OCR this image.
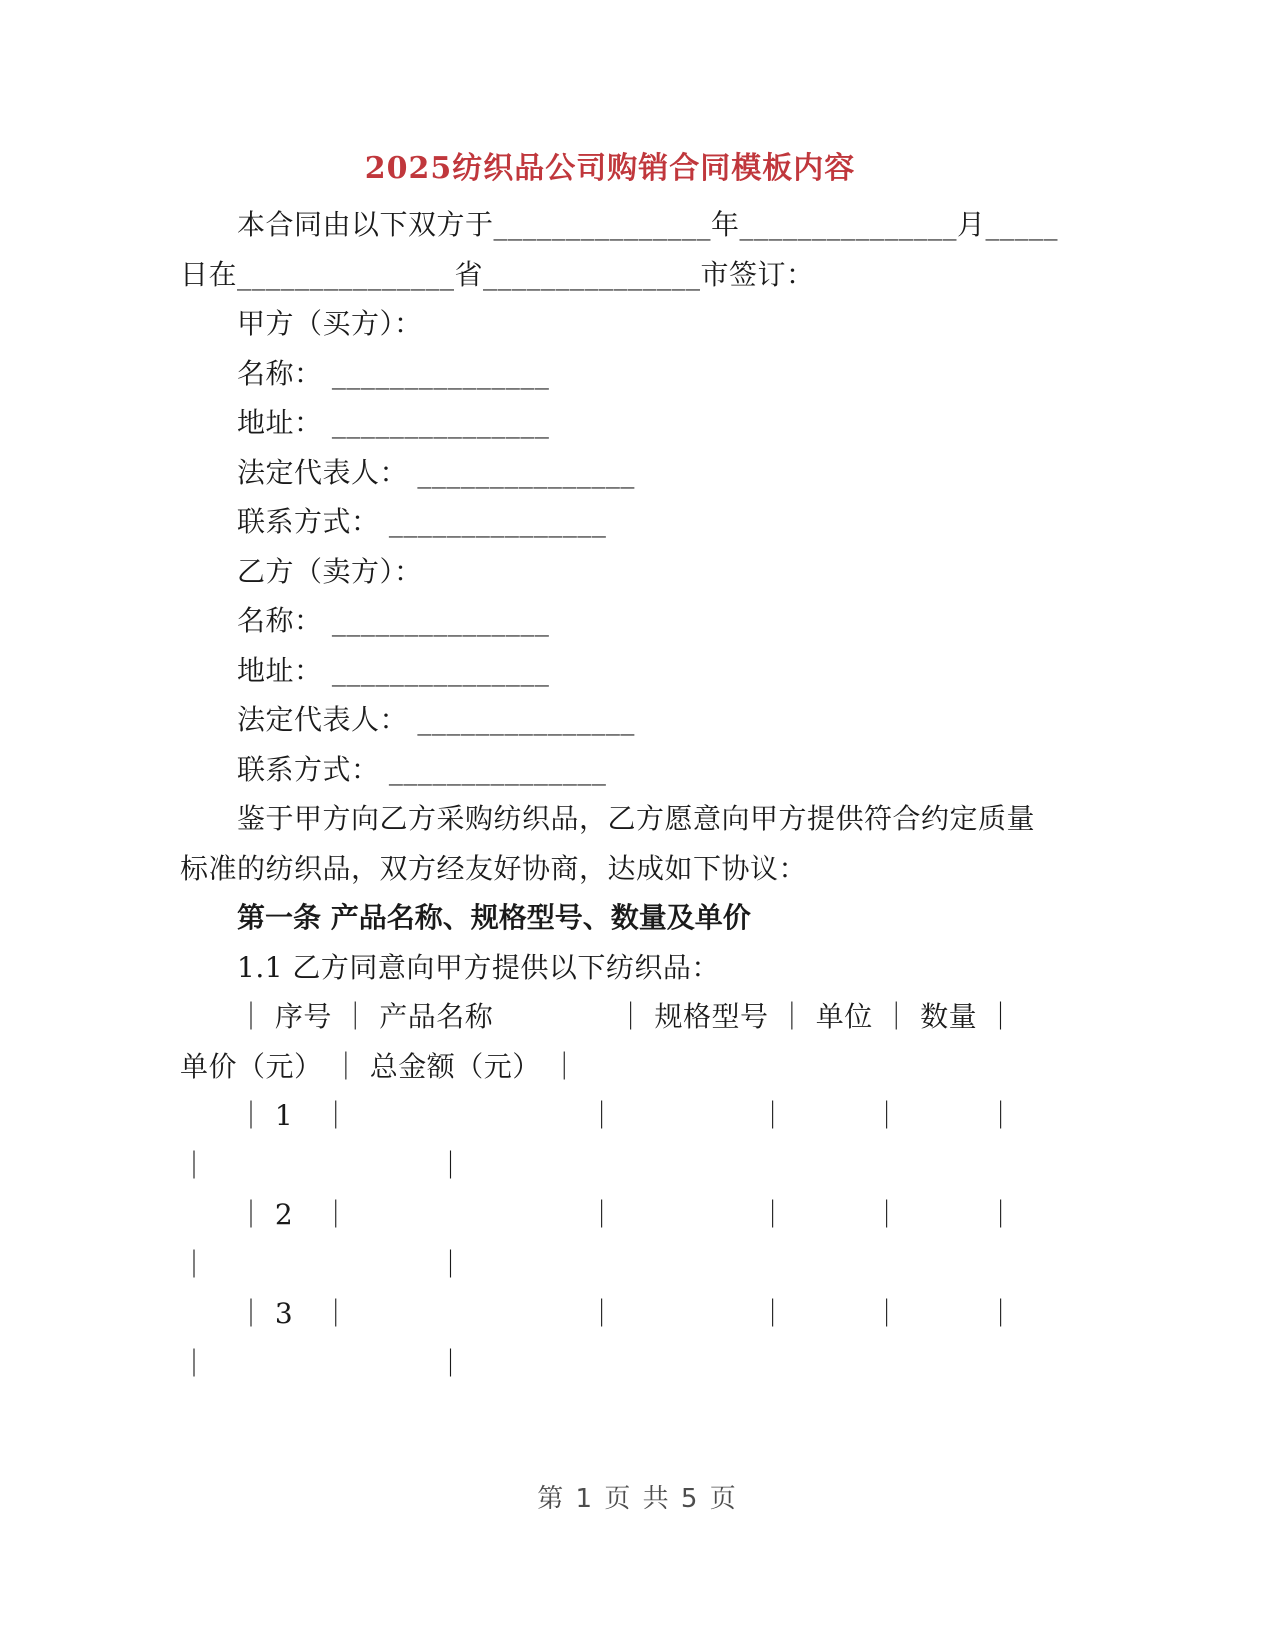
2025纺织品公司购销合同模板内容
本合同由以下双方于_______________年_______________月_____
日在_______________省_______________市签订：
甲方（买方）：
名称： _______________
地址： _______________
法定代表人： _______________
联系方式： _______________
乙方（卖方）：
名称： _______________
地址： _______________
法定代表人： _______________
联系方式： _______________
鉴于甲方向乙方采购纺织品，乙方愿意向甲方提供符合约定质量
标准的纺织品，双方经友好协商，达成如下协议：
第一条 产品名称、规格型号、数量及单价
1.1 乙方同意向甲方提供以下纺织品：
｜ 序号 ｜ 产品名称　　　　 ｜ 规格型号 ｜ 单位 ｜ 数量 ｜
单价（元） ｜ 总金额（元） ｜
｜ 1　｜　　　　　　　　 ｜　　　　　｜　　　｜　　　｜
｜　　　　　　　　｜
｜ 2　｜　　　　　　　　 ｜　　　　　｜　　　｜　　　｜
｜　　　　　　　　｜
｜ 3　｜　　　　　　　　 ｜　　　　　｜　　　｜　　　｜
｜　　　　　　　　｜
第 1 页 共 5 页
